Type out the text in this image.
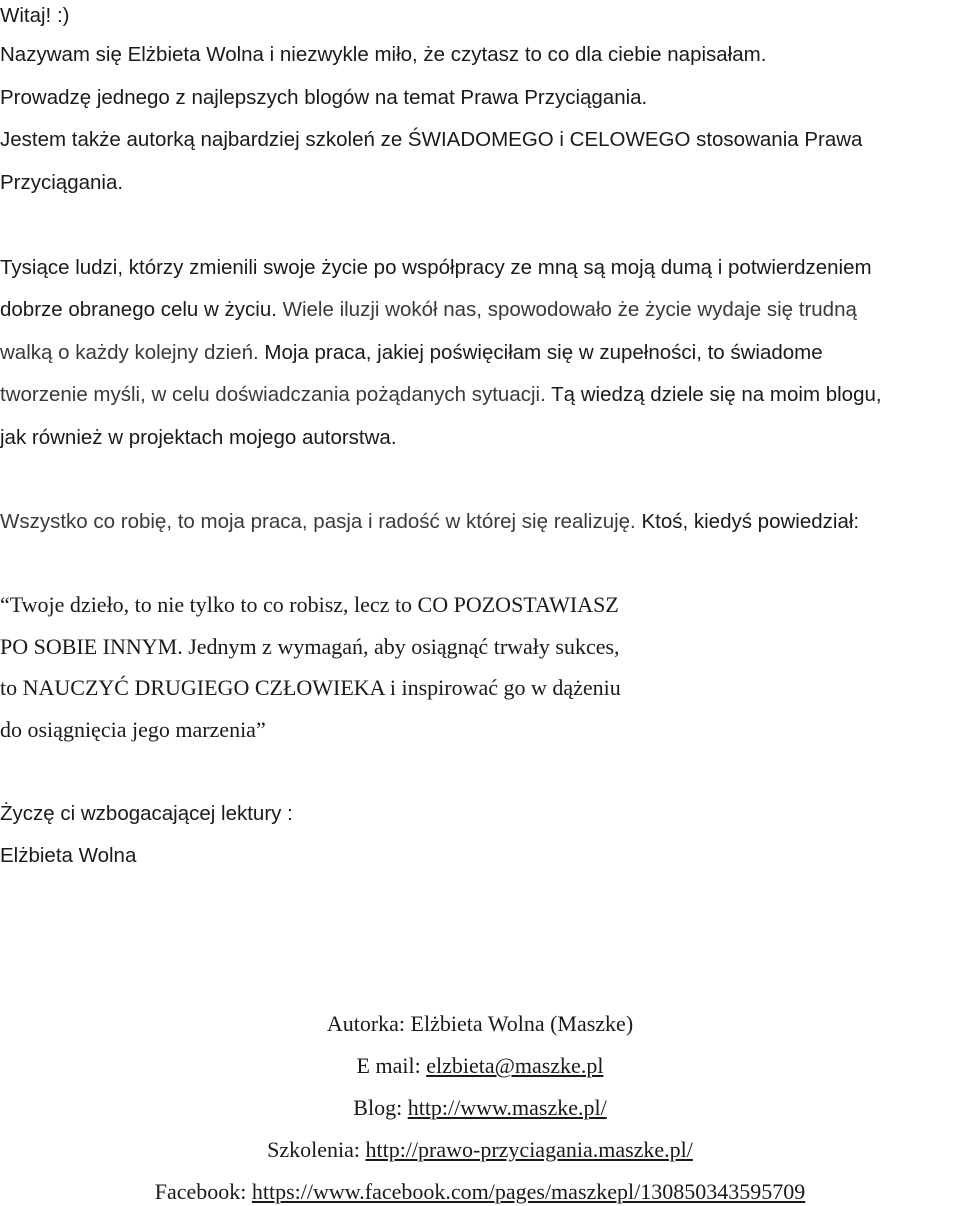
Witaj! :)
Nazywam się Elżbieta Wolna i niezwykle miło, że czytasz to co dla ciebie napisałam.
Prowadzę jednego z najlepszych blogów na temat Prawa Przyciągania.
Jestem także autorką najbardziej szkoleń ze ŚWIADOMEGO i CELOWEGO stosowania Prawa
Przyciągania.
Tysiące ludzi, którzy zmienili swoje życie po współpracy ze mną są moją dumą i potwierdzeniem
dobrze obranego celu w życiu. Wiele iluzji wokół nas, spowodowało że życie wydaje się trudną
walką o każdy kolejny dzień. Moja praca, jakiej poświęciłam się w zupełności, to świadome
tworzenie myśli, w celu doświadczania pożądanych sytuacji. Tą wiedzą dziele się na moim blogu,
jak również w projektach mojego autorstwa.
Wszystko co robię, to moja praca, pasja i radość w której się realizuję. Ktoś, kiedyś powiedział:
“Twoje dzieło, to nie tylko to co robisz, lecz to CO POZOSTAWIASZ
PO SOBIE INNYM. Jednym z wymagań, aby osiągnąć trwały sukces,
to NAUCZYĆ DRUGIEGO CZŁOWIEKA i inspirować go w dążeniu
do osiągnięcia jego marzenia”
Życzę ci wzbogacającej lektury :
Elżbieta Wolna
Autorka: Elżbieta Wolna (Maszke)
E mail: elzbieta@maszke.pl
Blog: http://www.maszke.pl/
Szkolenia: http://prawo-przyciagania.maszke.pl/
Facebook: https://www.facebook.com/pages/maszkepl/130850343595709
